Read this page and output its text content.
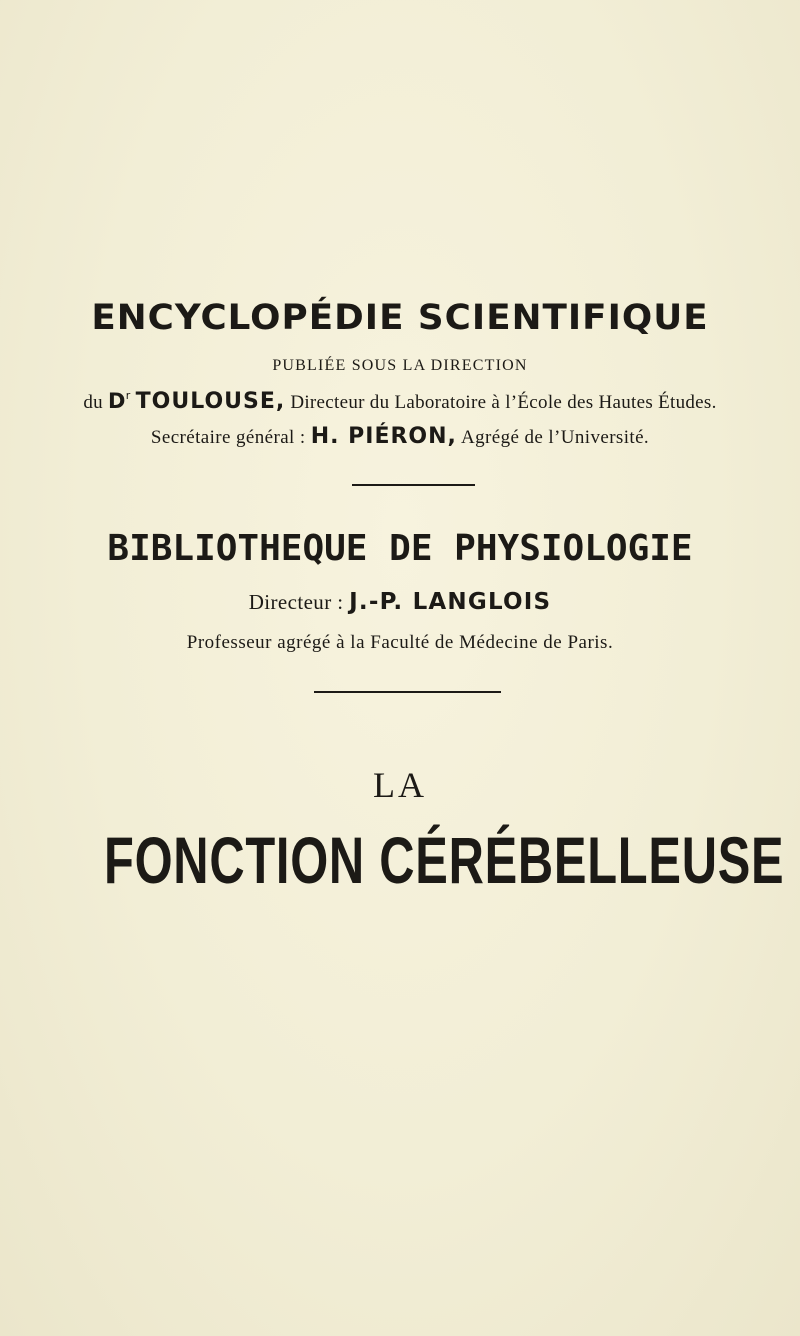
ENCYCLOPÉDIE SCIENTIFIQUE
PUBLIÉE SOUS LA DIRECTION
du $D^r$ TOULOUSE, Directeur du Laboratoire à l’École des Hautes Études.
Secrétaire général : H. PIÉRON, Agrégé de l’Université.
BIBLIOTHEQUE DE PHYSIOLOGIE
Directeur : J.-P. LANGLOIS
Professeur agrégé à la Faculté de Médecine de Paris.
LA
FONCTION CÉRÉBELLEUSE
